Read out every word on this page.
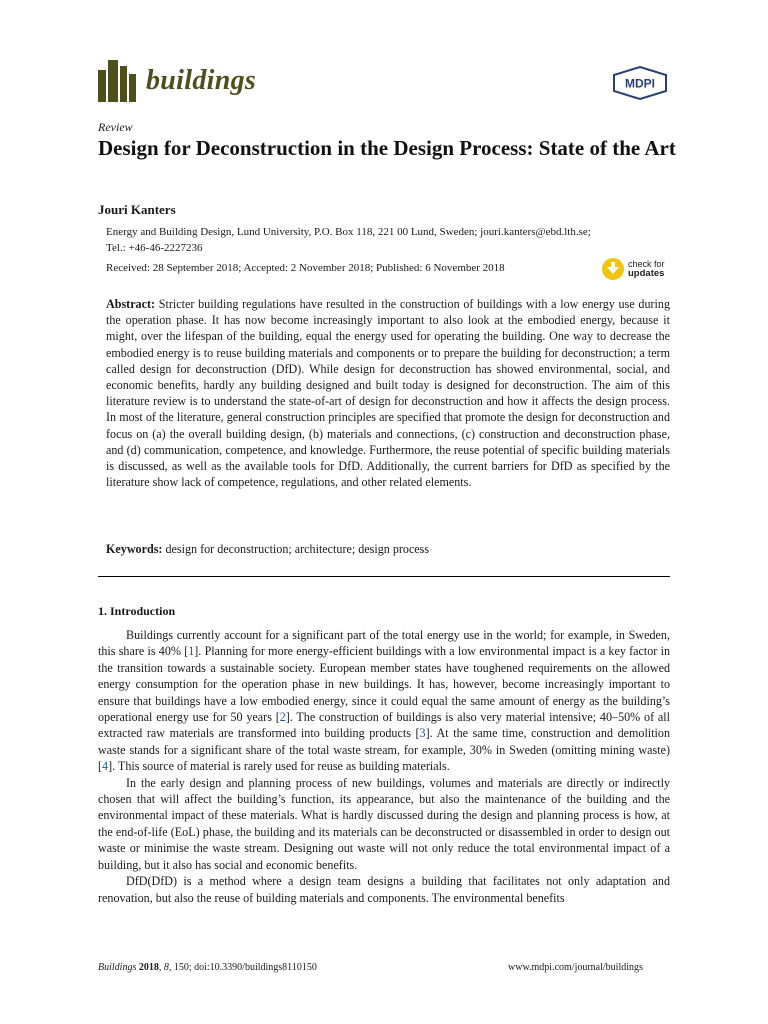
buildings	MDPI
Review
Design for Deconstruction in the Design Process: State of the Art
Jouri Kanters
Energy and Building Design, Lund University, P.O. Box 118, 221 00 Lund, Sweden; jouri.kanters@ebd.lth.se;
Tel.: +46-46-2227236
Received: 28 September 2018; Accepted: 2 November 2018; Published: 6 November 2018	check for
updates

Abstract: Stricter building regulations have resulted in the construction of buildings with a low energy use during the operation phase. It has now become increasingly important to also look at the embodied energy, because it might, over the lifespan of the building, equal the energy used for operating the building. One way to decrease the embodied energy is to reuse building materials and components or to prepare the building for deconstruction; a term called design for deconstruction (DfD). While design for deconstruction has showed environmental, social, and economic benefits, hardly any building designed and built today is designed for deconstruction. The aim of this literature review is to understand the state-of-art of design for deconstruction and how it affects the design process. In most of the literature, general construction principles are specified that promote the design for deconstruction and focus on (a) the overall building design, (b) materials and connections, (c) construction and deconstruction phase, and (d) communication, competence, and knowledge. Furthermore, the reuse potential of specific building materials is discussed, as well as the available tools for DfD. Additionally, the current barriers for DfD as specified by the literature show lack of competence, regulations, and other related elements.

Keywords: design for deconstruction; architecture; design process
1. Introduction

Buildings currently account for a significant part of the total energy use in the world; for example, in Sweden, this share is 40% [1]. Planning for more energy-efficient buildings with a low environmental impact is a key factor in the transition towards a sustainable society. European member states have toughened requirements on the allowed energy consumption for the operation phase in new buildings. It has, however, become increasingly important to ensure that buildings have a low embodied energy, since it could equal the same amount of energy as the building’s operational energy use for 50 years [2]. The construction of buildings is also very material intensive; 40–50% of all extracted raw materials are transformed into building products [3]. At the same time, construction and demolition waste stands for a significant share of the total waste stream, for example, 30% in Sweden (omitting mining waste) [4]. This source of material is rarely used for reuse as building materials.

In the early design and planning process of new buildings, volumes and materials are directly or indirectly chosen that will affect the building’s function, its appearance, but also the maintenance of the building and the environmental impact of these materials. What is hardly discussed during the design and planning process is how, at the end-of-life (EoL) phase, the building and its materials can be deconstructed or disassembled in order to design out waste or minimise the waste stream. Designing out waste will not only reduce the total environmental impact of a building, but it also has social and economic benefits.

DfD(DfD) is a method where a design team designs a building that facilitates not only adaptation and renovation, but also the reuse of building materials and components. The environmental benefits

Buildings 2018, 8, 150; doi:10.3390/buildings8110150	www.mdpi.com/journal/buildings
